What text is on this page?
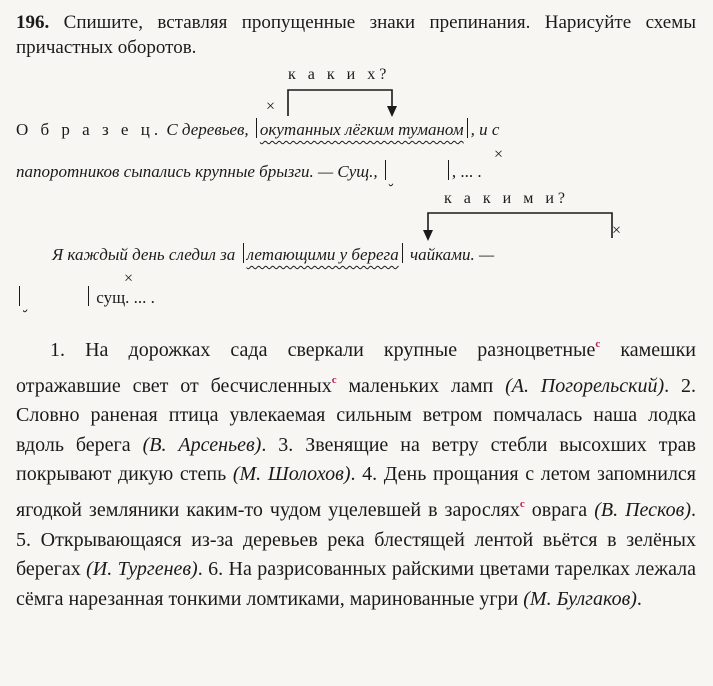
196. Спишите, вставляя пропущенные знаки препинания. Нарисуйте схемы причастных оборотов.
к а к и х?
×
О б р а з е ц. С деревьев, окутанных лёгким туманом , и с
×
папоротников сыпались крупные брызги. — Сущ.,	, ... .
к а к и м и?
×
Я каждый день следил за летающими у берега чайками. —
×
сущ. ... .

1. На дорожках сада сверкали крупные разноцветные$^с$ камешки отражавшие свет от бесчисленных$^с$ маленьких ламп (А. Погорельский). 2. Словно раненая птица увлекаемая сильным ветром помчалась наша лодка вдоль берега (В. Арсеньев). 3. Звенящие на ветру стебли высохших трав покрывают дикую степь (М. Шолохов). 4. День прощания с летом запомнился ягодкой земляники каким-то чудом уцелевшей в зарослях$^с$ оврага (В. Песков). 5. Открывающаяся из-за деревьев река блестящей лентой вьётся в зелёных берегах (И. Тургенев). 6. На разрисованных райскими цветами тарелках лежала сёмга нарезанная тонкими ломтиками, маринованные угри (М. Булгаков).
